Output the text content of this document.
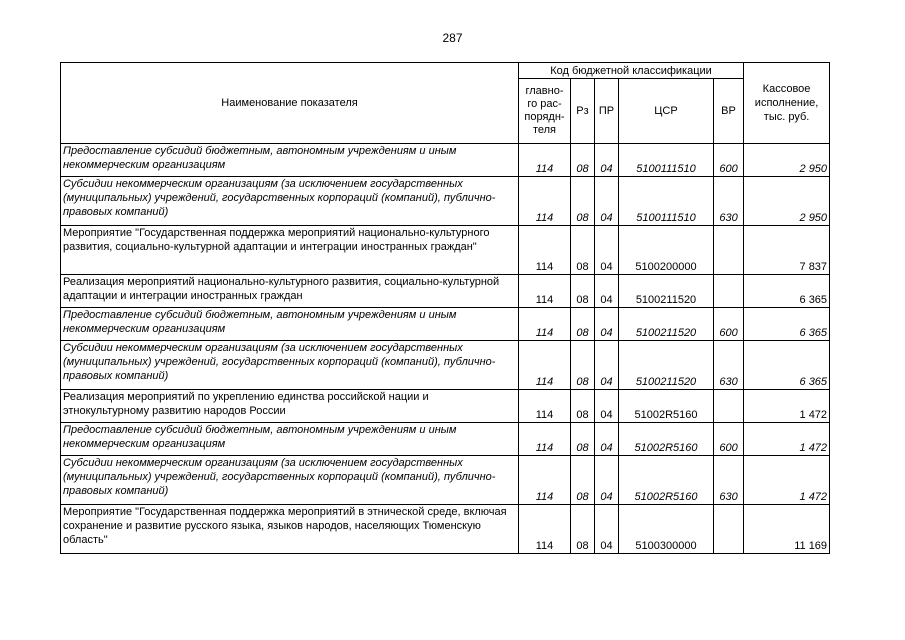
287
Наименование показателя	Код бюджетной классификации					Кассовое исполнение, тыс. руб.
	главно-го рас-порядн-теля	Рз	ПР	ЦСР	ВР	
Предоставление субсидий бюджетным, автономным учреждениям и иным некоммерческим организациям	114	08	04	5100111510	600	2 950
Субсидии некоммерческим организациям (за исключением государственных (муниципальных) учреждений, государственных корпораций (компаний), публично-правовых компаний)	114	08	04	5100111510	630	2 950
Мероприятие "Государственная поддержка мероприятий национально-культурного развития, социально-культурной адаптации и интеграции иностранных граждан"	114	08	04	5100200000		7 837
Реализация мероприятий национально-культурного развития, социально-культурной адаптации и интеграции иностранных граждан	114	08	04	5100211520		6 365
Предоставление субсидий бюджетным, автономным учреждениям и иным некоммерческим организациям	114	08	04	5100211520	600	6 365
Субсидии некоммерческим организациям (за исключением государственных (муниципальных) учреждений, государственных корпораций (компаний), публично-правовых компаний)	114	08	04	5100211520	630	6 365
Реализация мероприятий по укреплению единства российской нации и этнокультурному развитию народов России	114	08	04	51002R5160		1 472
Предоставление субсидий бюджетным, автономным учреждениям и иным некоммерческим организациям	114	08	04	51002R5160	600	1 472
Субсидии некоммерческим организациям (за исключением государственных (муниципальных) учреждений, государственных корпораций (компаний), публично-правовых компаний)	114	08	04	51002R5160	630	1 472
Мероприятие "Государственная поддержка мероприятий в этнической среде, включая сохранение и развитие русского языка, языков народов, населяющих Тюменскую область"	114	08	04	5100300000		11 169
